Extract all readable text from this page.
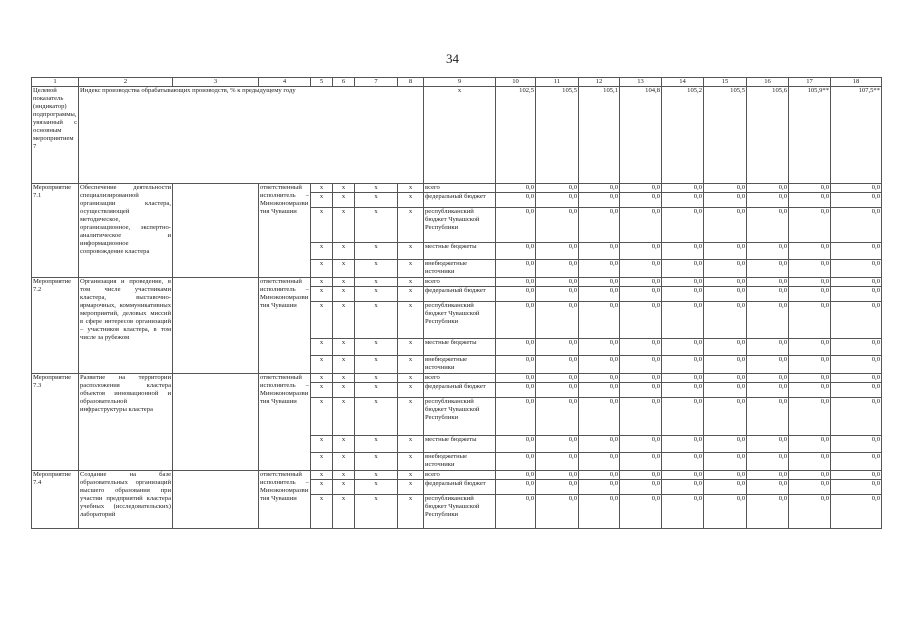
34
1	2	3	4	5	6	7	8	9	10	11	12	13	14	15	16	17	18
Целевой показатель (индикатор) подпрограммы, увязанный с основным мероприятием 7	Индекс производства обрабатывающих производств, % к предыдущему году							х	102,5	105,5	105,1	104,8	105,2	105,5	105,6	105,9**	107,5**
Мероприятие 7.1	Обеспечение деятельности специализированной организации кластера, осуществляющей методическое, организационное, экспертно-аналитическое и информационное сопровождение кластера		ответственный исполнитель – Минэкономразвития Чувашии	х	х	х	х	всего	0,0	0,0	0,0	0,0	0,0	0,0	0,0	0,0	0,0
				х	х	х	х	федеральный бюджет	0,0	0,0	0,0	0,0	0,0	0,0	0,0	0,0	0,0
				х	х	х	х	республиканский бюджет Чувашской Республики	0,0	0,0	0,0	0,0	0,0	0,0	0,0	0,0	0,0
				х	х	х	х	местные бюджеты	0,0	0,0	0,0	0,0	0,0	0,0	0,0	0,0	0,0
				х	х	х	х	внебюджетные источники	0,0	0,0	0,0	0,0	0,0	0,0	0,0	0,0	0,0
Мероприятие 7.2	Организация и проведение, в том числе участниками кластера, выставочно-ярмарочных, коммуникативных мероприятий, деловых миссий в сфере интересов организаций – участников кластера, в том числе за рубежом		ответственный исполнитель – Минэкономразвития Чувашии	х	х	х	х	всего	0,0	0,0	0,0	0,0	0,0	0,0	0,0	0,0	0,0
				х	х	х	х	федеральный бюджет	0,0	0,0	0,0	0,0	0,0	0,0	0,0	0,0	0,0
				х	х	х	х	республиканский бюджет Чувашской Республики	0,0	0,0	0,0	0,0	0,0	0,0	0,0	0,0	0,0
				х	х	х	х	местные бюджеты	0,0	0,0	0,0	0,0	0,0	0,0	0,0	0,0	0,0
				х	х	х	х	внебюджетные источники	0,0	0,0	0,0	0,0	0,0	0,0	0,0	0,0	0,0
Мероприятие 7.3	Развитие на территории расположения кластера объектов инновационной и образовательной инфраструктуры кластера		ответственный исполнитель – Минэкономразвития Чувашии	х	х	х	х	всего	0,0	0,0	0,0	0,0	0,0	0,0	0,0	0,0	0,0
				х	х	х	х	федеральный бюджет	0,0	0,0	0,0	0,0	0,0	0,0	0,0	0,0	0,0
				х	х	х	х	республиканский бюджет Чувашской Республики	0,0	0,0	0,0	0,0	0,0	0,0	0,0	0,0	0,0
				х	х	х	х	местные бюджеты	0,0	0,0	0,0	0,0	0,0	0,0	0,0	0,0	0,0
				х	х	х	х	внебюджетные источники	0,0	0,0	0,0	0,0	0,0	0,0	0,0	0,0	0,0
Мероприятие 7.4	Создание на базе образовательных организаций высшего образования при участии предприятий кластера учебных (исследовательских) лабораторий		ответственный исполнитель – Минэкономразвития Чувашии	х	х	х	х	всего	0,0	0,0	0,0	0,0	0,0	0,0	0,0	0,0	0,0
				х	х	х	х	федеральный бюджет	0,0	0,0	0,0	0,0	0,0	0,0	0,0	0,0	0,0
				х	х	х	х	республиканский бюджет Чувашской Республики	0,0	0,0	0,0	0,0	0,0	0,0	0,0	0,0	0,0
